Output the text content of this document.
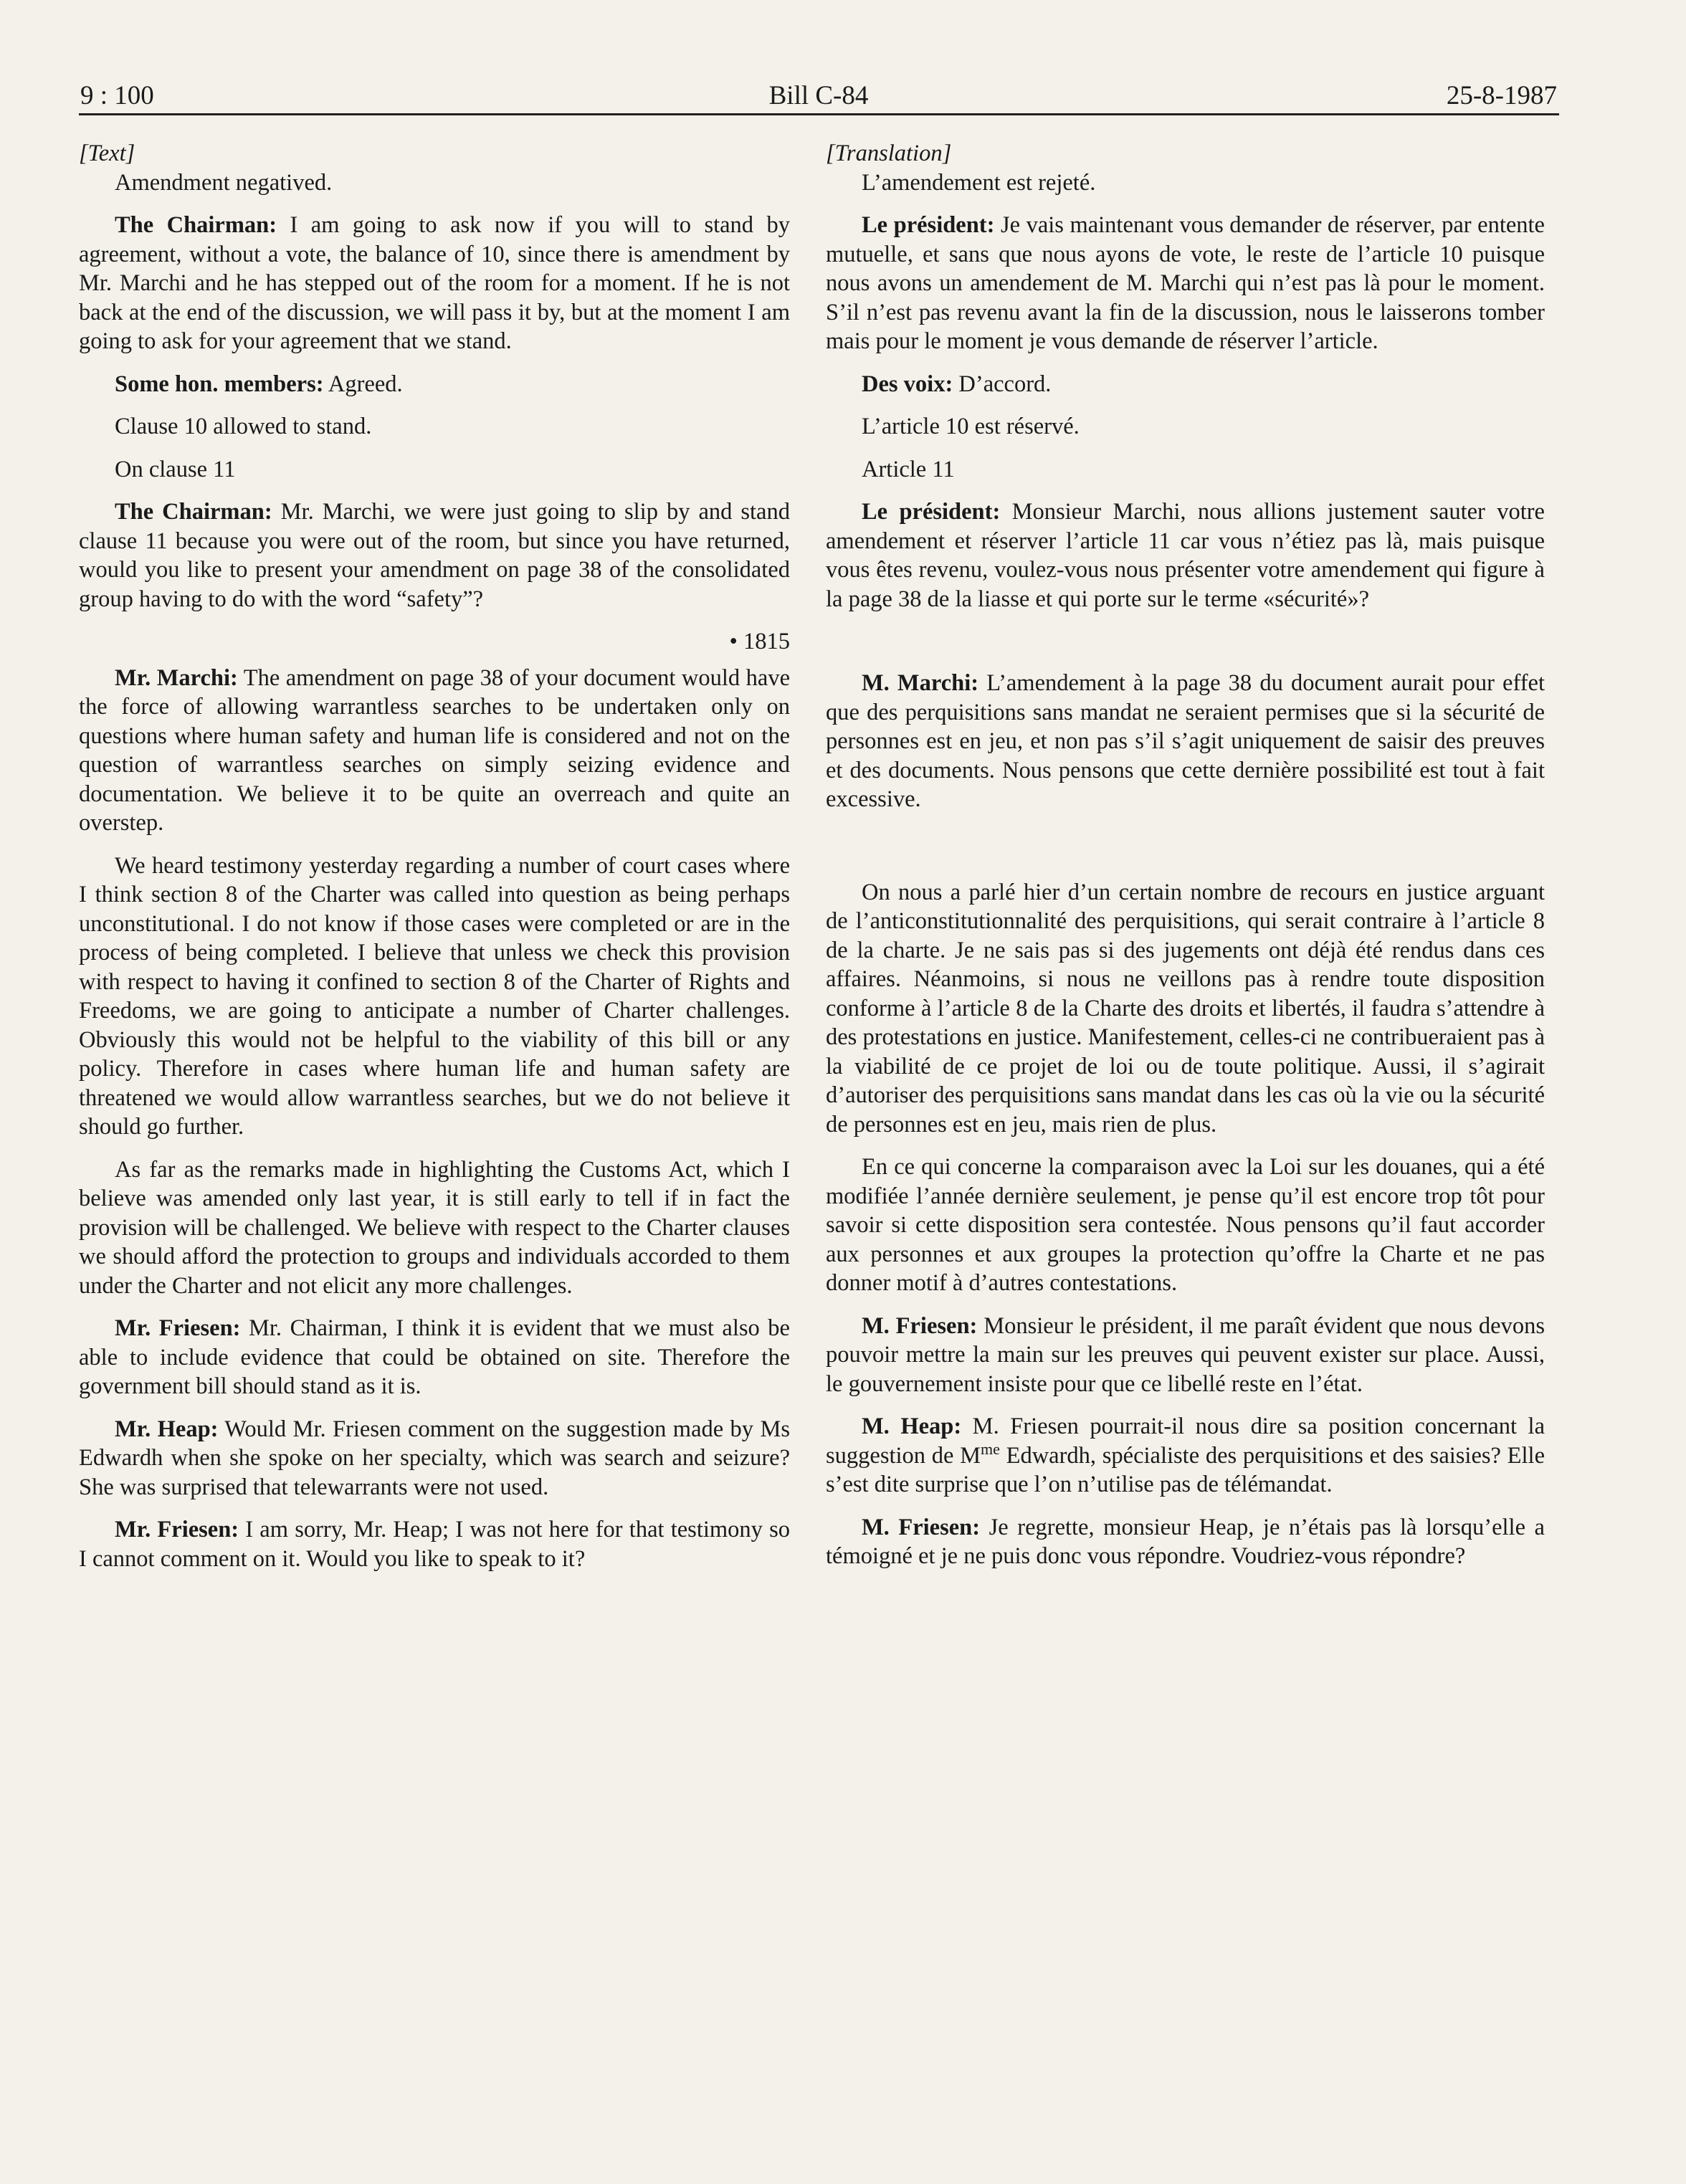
9 : 100	Bill C-84	25-8-1987

[Text]

Amendment negatived.

The Chairman: I am going to ask now if you will to stand by agreement, without a vote, the balance of 10, since there is amendment by Mr. Marchi and he has stepped out of the room for a moment. If he is not back at the end of the discussion, we will pass it by, but at the moment I am going to ask for your agreement that we stand.

Some hon. members: Agreed.

Clause 10 allowed to stand.

On clause 11

The Chairman: Mr. Marchi, we were just going to slip by and stand clause 11 because you were out of the room, but since you have returned, would you like to present your amendment on page 38 of the consolidated group having to do with the word “safety”?

• 1815

Mr. Marchi: The amendment on page 38 of your document would have the force of allowing warrantless searches to be undertaken only on questions where human safety and human life is considered and not on the question of warrantless searches on simply seizing evidence and documentation. We believe it to be quite an overreach and quite an overstep.

We heard testimony yesterday regarding a number of court cases where I think section 8 of the Charter was called into question as being perhaps unconstitutional. I do not know if those cases were completed or are in the process of being completed. I believe that unless we check this provision with respect to having it confined to section 8 of the Charter of Rights and Freedoms, we are going to anticipate a number of Charter challenges. Obviously this would not be helpful to the viability of this bill or any policy. Therefore in cases where human life and human safety are threatened we would allow warrantless searches, but we do not believe it should go further.

As far as the remarks made in highlighting the Customs Act, which I believe was amended only last year, it is still early to tell if in fact the provision will be challenged. We believe with respect to the Charter clauses we should afford the protection to groups and individuals accorded to them under the Charter and not elicit any more challenges.

Mr. Friesen: Mr. Chairman, I think it is evident that we must also be able to include evidence that could be obtained on site. Therefore the government bill should stand as it is.

Mr. Heap: Would Mr. Friesen comment on the suggestion made by Ms Edwardh when she spoke on her specialty, which was search and seizure? She was surprised that telewarrants were not used.

Mr. Friesen: I am sorry, Mr. Heap; I was not here for that testimony so I cannot comment on it. Would you like to speak to it?

[Translation]

L’amendement est rejeté.

Le président: Je vais maintenant vous demander de réserver, par entente mutuelle, et sans que nous ayons de vote, le reste de l’article 10 puisque nous avons un amendement de M. Marchi qui n’est pas là pour le moment. S’il n’est pas revenu avant la fin de la discussion, nous le laisserons tomber mais pour le moment je vous demande de réserver l’article.

Des voix: D’accord.

L’article 10 est réservé.

Article 11

Le président: Monsieur Marchi, nous allions justement sauter votre amendement et réserver l’article 11 car vous n’étiez pas là, mais puisque vous êtes revenu, voulez-vous nous présenter votre amendement qui figure à la page 38 de la liasse et qui porte sur le terme «sécurité»?

M. Marchi: L’amendement à la page 38 du document aurait pour effet que des perquisitions sans mandat ne seraient permises que si la sécurité de personnes est en jeu, et non pas s’il s’agit uniquement de saisir des preuves et des documents. Nous pensons que cette dernière possibilité est tout à fait excessive.

On nous a parlé hier d’un certain nombre de recours en justice arguant de l’anticonstitutionnalité des perquisitions, qui serait contraire à l’article 8 de la charte. Je ne sais pas si des jugements ont déjà été rendus dans ces affaires. Néanmoins, si nous ne veillons pas à rendre toute disposition conforme à l’article 8 de la Charte des droits et libertés, il faudra s’attendre à des protestations en justice. Manifestement, celles-ci ne contribueraient pas à la viabilité de ce projet de loi ou de toute politique. Aussi, il s’agirait d’autoriser des perquisitions sans mandat dans les cas où la vie ou la sécurité de personnes est en jeu, mais rien de plus.

En ce qui concerne la comparaison avec la Loi sur les douanes, qui a été modifiée l’année dernière seulement, je pense qu’il est encore trop tôt pour savoir si cette disposition sera contestée. Nous pensons qu’il faut accorder aux personnes et aux groupes la protection qu’offre la Charte et ne pas donner motif à d’autres contestations.

M. Friesen: Monsieur le président, il me paraît évident que nous devons pouvoir mettre la main sur les preuves qui peuvent exister sur place. Aussi, le gouvernement insiste pour que ce libellé reste en l’état.

M. Heap: M. Friesen pourrait-il nous dire sa position concernant la suggestion de $M^{me}$ Edwardh, spécialiste des perquisitions et des saisies? Elle s’est dite surprise que l’on n’utilise pas de télémandat.

M. Friesen: Je regrette, monsieur Heap, je n’étais pas là lorsqu’elle a témoigné et je ne puis donc vous répondre. Voudriez-vous répondre?
